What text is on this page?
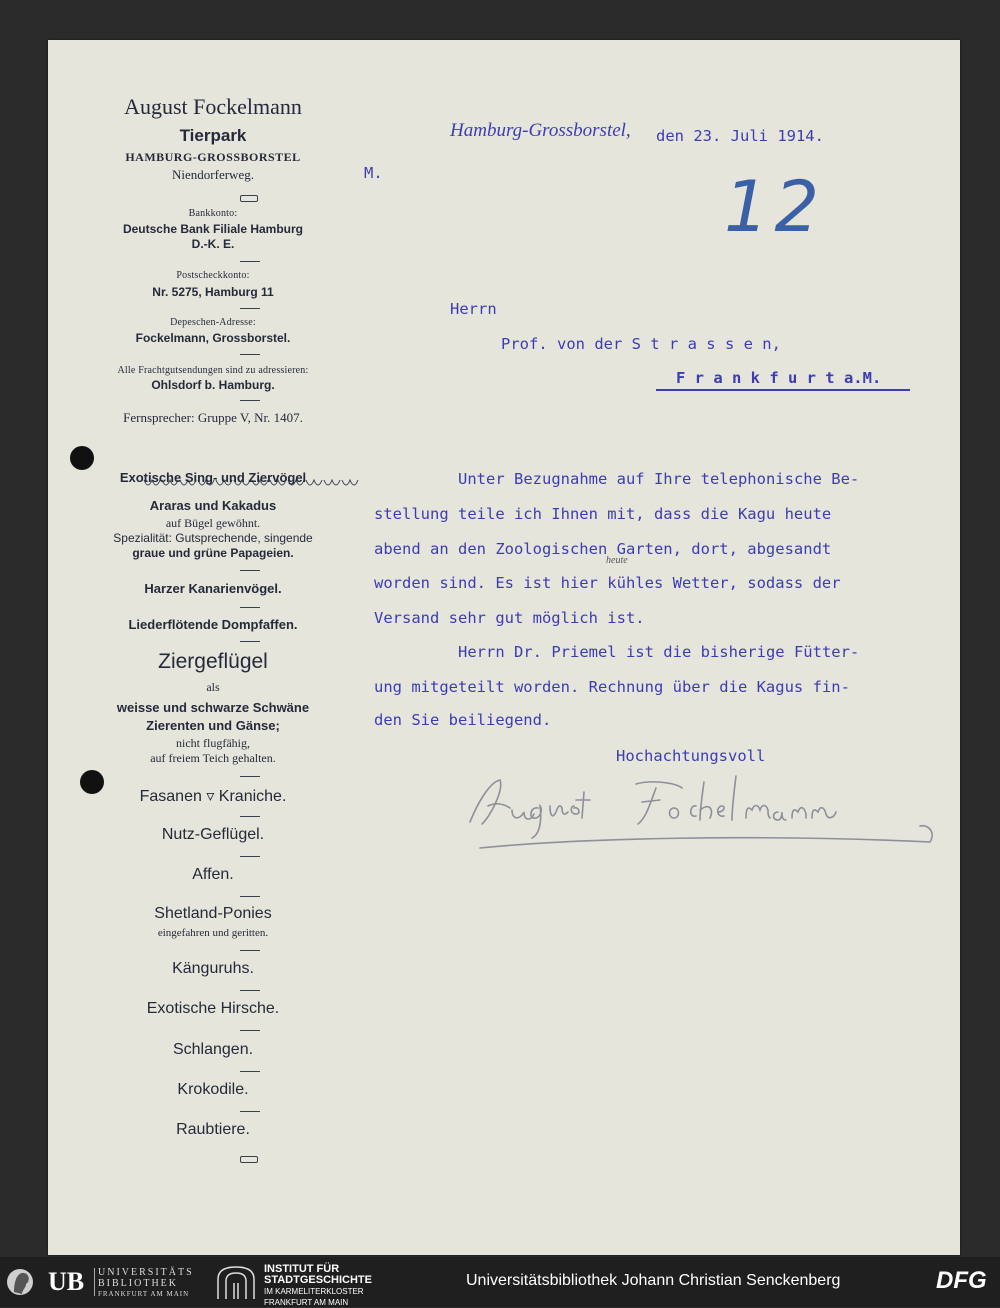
August Fockelmann
Tierpark
HAMBURG-GROSSBORSTEL
Niendorferweg.
Bankkonto:
Deutsche Bank Filiale Hamburg
D.-K. E.
Postscheckkonto:
Nr. 5275, Hamburg 11
Depeschen-Adresse:
Fockelmann, Grossborstel.
Alle Frachtgutsendungen sind zu adressieren:
Ohlsdorf b. Hamburg.
Fernsprecher: Gruppe V, Nr. 1407.
Exotische Sing- und Ziervögel
Araras und Kakadus
auf Bügel gewöhnt.
Spezialität: Gutsprechende, singende
graue und grüne Papageien.
Harzer Kanarienvögel.
Liederflötende Dompfaffen.
Ziergeflügel
als
weisse und schwarze Schwäne
Zierenten und Gänse;
nicht flugfähig,
auf freiem Teich gehalten.
Fasanen ▿ Kraniche.
Nutz-Geflügel.
Affen.
Shetland-Ponies
eingefahren und geritten.
Känguruhs.
Exotische Hirsche.
Schlangen.
Krokodile.
Raubtiere.
Hamburg-Grossborstel, den 23. Juli 1914.
M.	12
Herrn
Prof. von der S t r a s s e n,
F r a n k f u r t a.M.
Unter Bezugnahme auf Ihre telephonische Be-
stellung teile ich Ihnen mit, dass die Kagu heute
abend an den Zoologischen Garten, dort, abgesandt
heute
worden sind. Es ist hier kühles Wetter, sodass der
Versand sehr gut möglich ist.
Herrn Dr. Priemel ist die bisherige Fütter-
ung mitgeteilt worden. Rechnung über die Kagus fin-
den Sie beiliegend.
Hochachtungsvoll
UB UNIVERSITÄTS
BIBLIOTHEK
FRANKFURT AM MAIN
INSTITUT FÜR
STADTGESCHICHTE
IM KARMELITERKLOSTER
FRANKFURT AM MAIN
Universitätsbibliothek Johann Christian Senckenberg	DFG
